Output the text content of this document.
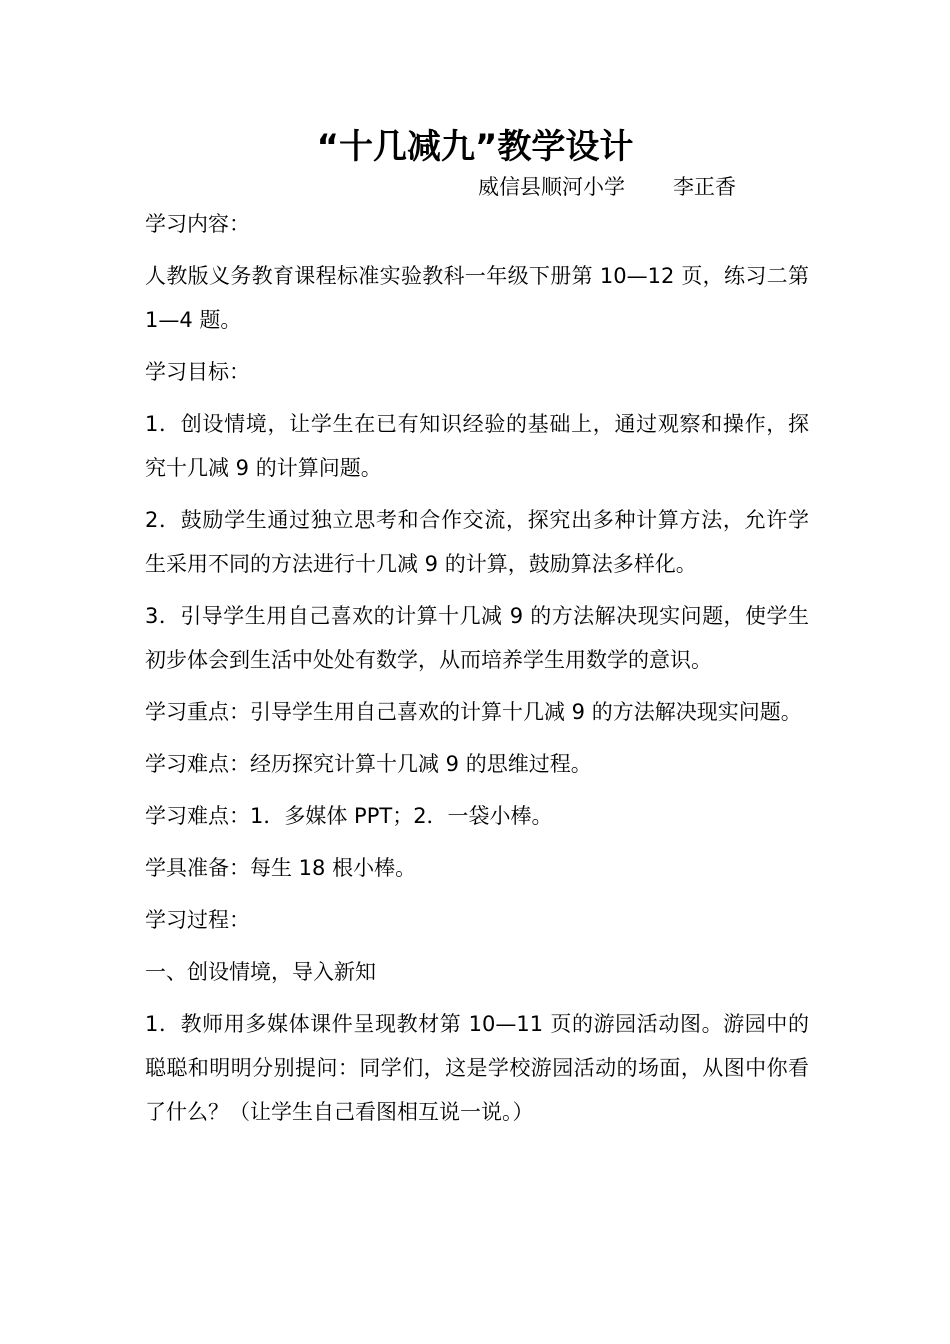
“十几减九”教学设计
威信县顺河小学 李正香

学习内容：

人教版义务教育课程标准实验教科一年级下册第 10—12 页，练习二第 1—4 题。

学习目标：

1．创设情境，让学生在已有知识经验的基础上，通过观察和操作，探究十几减 9 的计算问题。

2．鼓励学生通过独立思考和合作交流，探究出多种计算方法，允许学生采用不同的方法进行十几减 9 的计算，鼓励算法多样化。

3．引导学生用自己喜欢的计算十几减 9 的方法解决现实问题，使学生初步体会到生活中处处有数学，从而培养学生用数学的意识。

学习重点：引导学生用自己喜欢的计算十几减 9 的方法解决现实问题。

学习难点：经历探究计算十几减 9 的思维过程。

学习难点：1．多媒体 PPT；2．一袋小棒。

学具准备：每生 18 根小棒。

学习过程：

一、创设情境，导入新知

1．教师用多媒体课件呈现教材第 10—11 页的游园活动图。游园中的聪聪和明明分别提问：同学们，这是学校游园活动的场面，从图中你看了什么？（让学生自己看图相互说一说。）
